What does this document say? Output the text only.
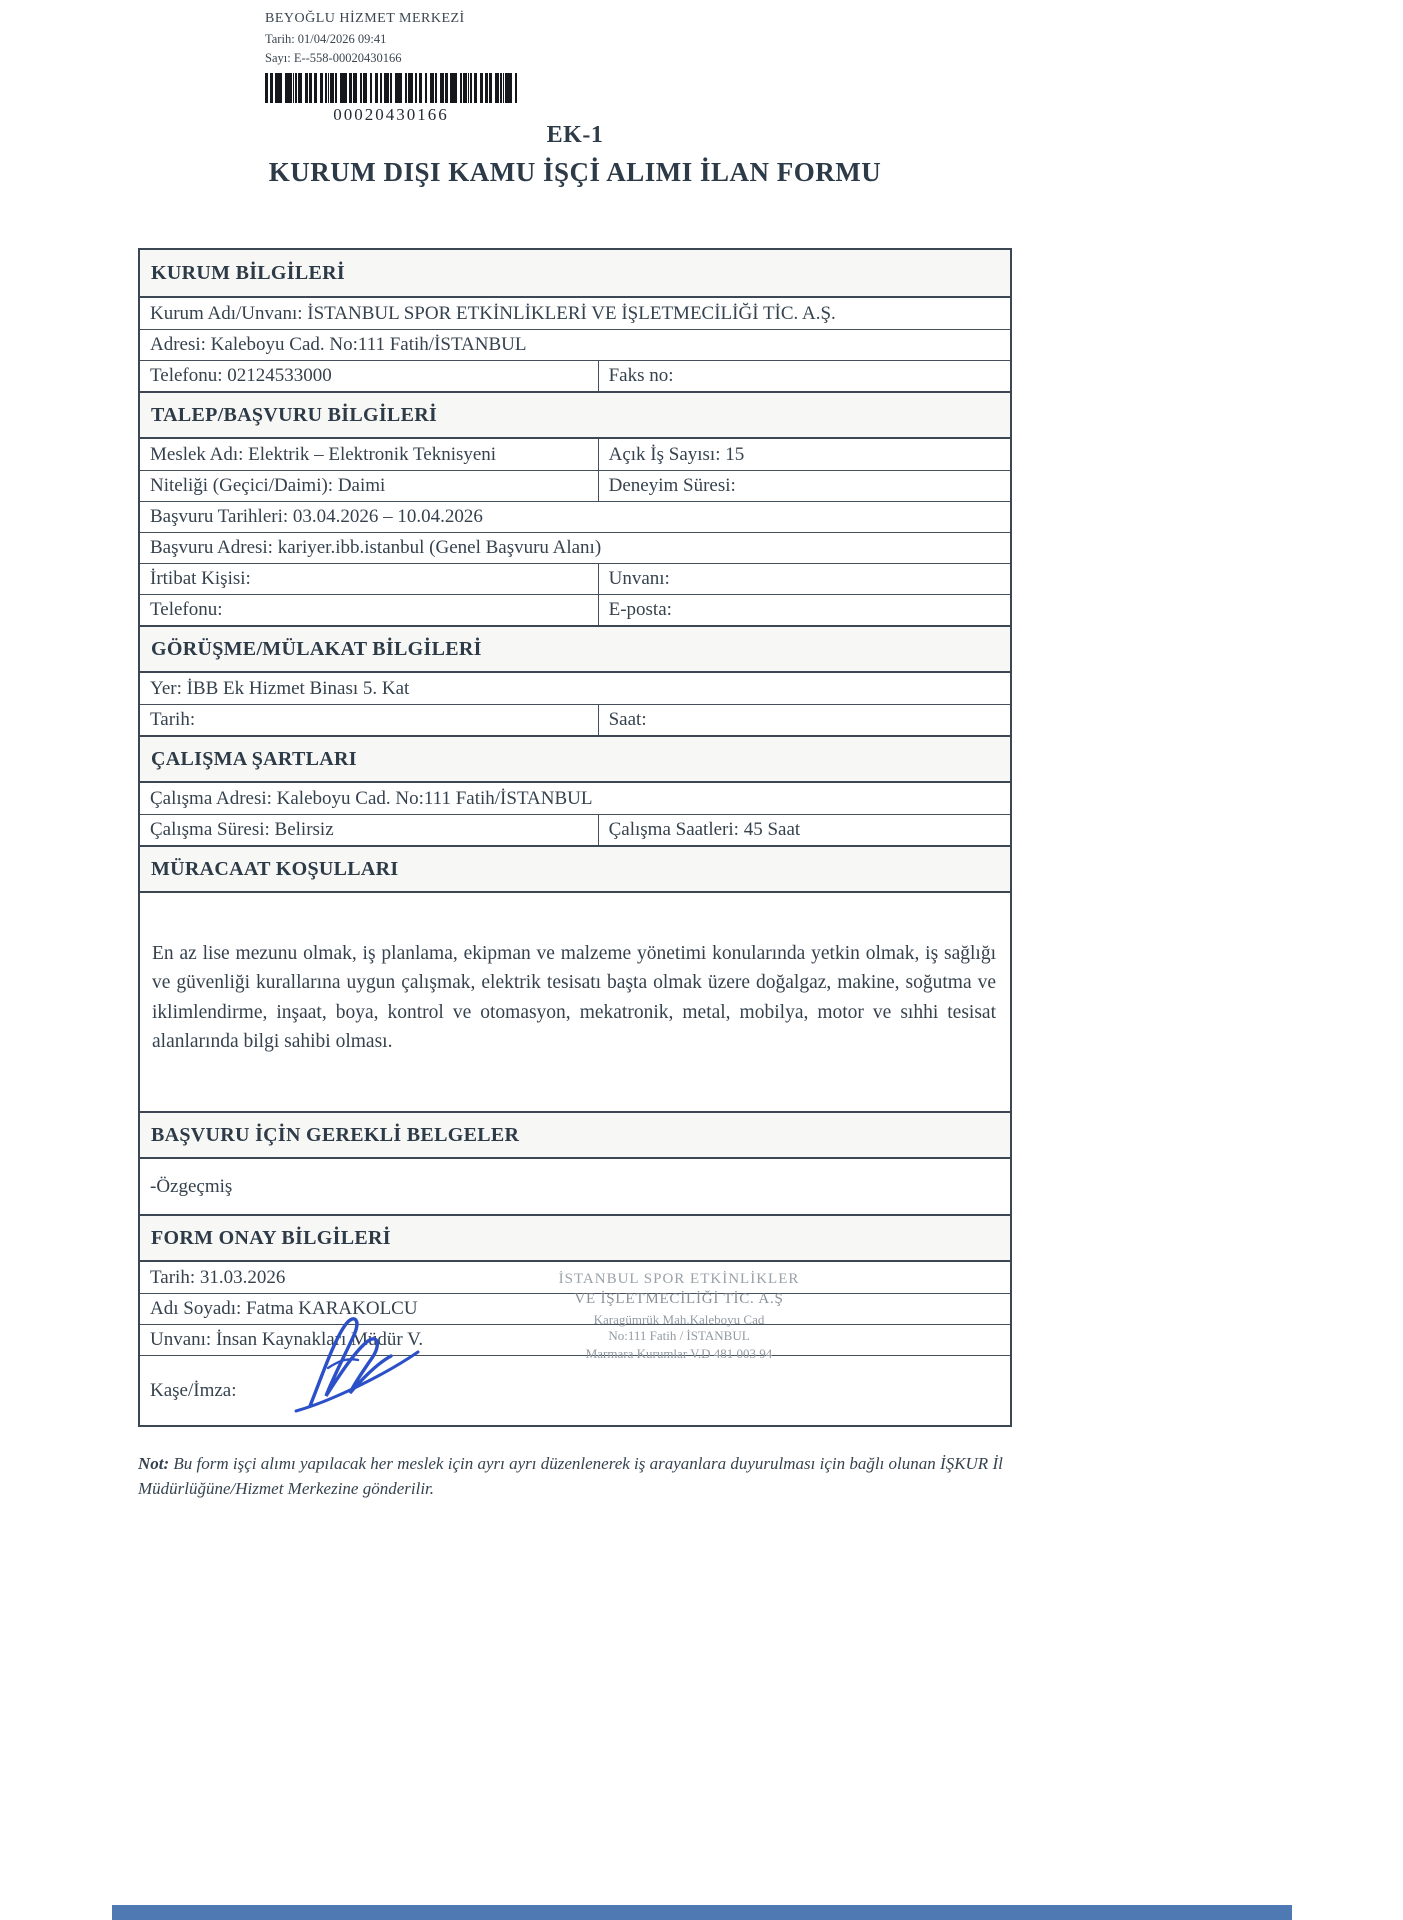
BEYOĞLU HİZMET MERKEZİ
Tarih: 01/04/2026 09:41
Sayı: E--558-00020430166
00020430166
EK-1
KURUM DIŞI KAMU İŞÇİ ALIMI İLAN FORMU
KURUM BİLGİLERİ
Kurum Adı/Unvanı: İSTANBUL SPOR ETKİNLİKLERİ VE İŞLETMECİLİĞİ TİC. A.Ş.
Adresi: Kaleboyu Cad. No:111 Fatih/İSTANBUL
Telefonu: 02124533000	Faks no:
TALEP/BAŞVURU BİLGİLERİ
Meslek Adı: Elektrik – Elektronik Teknisyeni	Açık İş Sayısı: 15
Niteliği (Geçici/Daimi): Daimi	Deneyim Süresi:
Başvuru Tarihleri: 03.04.2026 – 10.04.2026
Başvuru Adresi: kariyer.ibb.istanbul (Genel Başvuru Alanı)
İrtibat Kişisi:	Unvanı:
Telefonu:	E-posta:
GÖRÜŞME/MÜLAKAT BİLGİLERİ
Yer: İBB Ek Hizmet Binası 5. Kat
Tarih:	Saat:
ÇALIŞMA ŞARTLARI
Çalışma Adresi: Kaleboyu Cad. No:111 Fatih/İSTANBUL
Çalışma Süresi: Belirsiz	Çalışma Saatleri: 45 Saat
MÜRACAAT KOŞULLARI
En az lise mezunu olmak, iş planlama, ekipman ve malzeme yönetimi konularında yetkin olmak, iş sağlığı ve güvenliği kurallarına uygun çalışmak, elektrik tesisatı başta olmak üzere doğalgaz, makine, soğutma ve iklimlendirme, inşaat, boya, kontrol ve otomasyon, mekatronik, metal, mobilya, motor ve sıhhi tesisat alanlarında bilgi sahibi olması.
BAŞVURU İÇİN GEREKLİ BELGELER
-Özgeçmiş
FORM ONAY BİLGİLERİ
Tarih: 31.03.2026
Adı Soyadı: Fatma KARAKOLCU
Unvanı: İnsan Kaynakları Müdür V.
Kaşe/İmza:
İSTANBUL SPOR ETKİNLİKLER
VE İŞLETMECİLİĞİ TİC. A.Ş
Karagümrük Mah.Kaleboyu Cad
No:111 Fatih / İSTANBUL
Marmara Kurumlar V.D 481 003 94
Not: Bu form işçi alımı yapılacak her meslek için ayrı ayrı düzenlenerek iş arayanlara duyurulması için bağlı olunan İŞKUR İl Müdürlüğüne/Hizmet Merkezine gönderilir.
